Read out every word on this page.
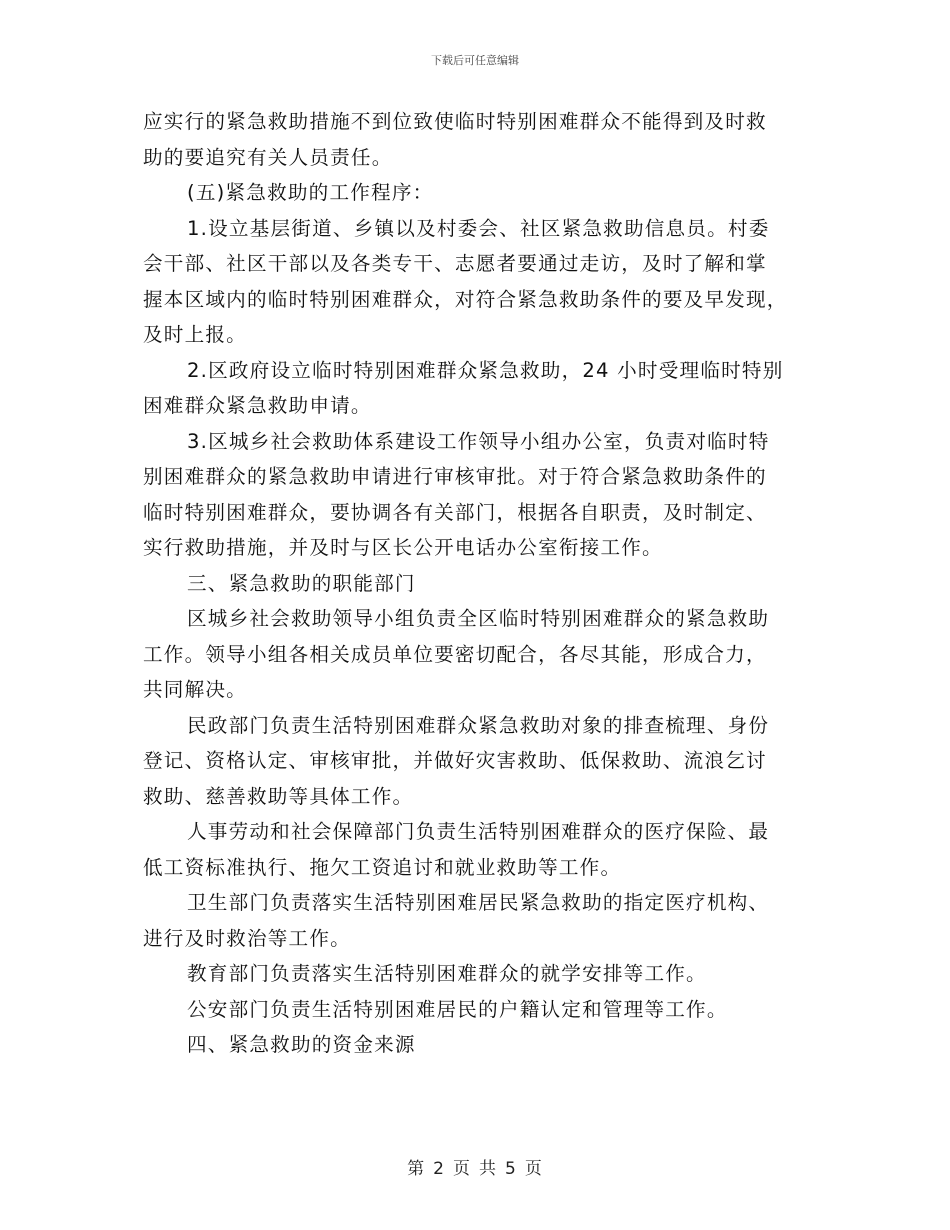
下载后可任意编辑
应实行的紧急救助措施不到位致使临时特别困难群众不能得到及时救
助的要追究有关人员责任。
(五)紧急救助的工作程序：
1.设立基层街道、乡镇以及村委会、社区紧急救助信息员。村委
会干部、社区干部以及各类专干、志愿者要通过走访，及时了解和掌
握本区域内的临时特别困难群众，对符合紧急救助条件的要及早发现，
及时上报。
2.区政府设立临时特别困难群众紧急救助，24 小时受理临时特别
困难群众紧急救助申请。
3.区城乡社会救助体系建设工作领导小组办公室，负责对临时特
别困难群众的紧急救助申请进行审核审批。对于符合紧急救助条件的
临时特别困难群众，要协调各有关部门，根据各自职责，及时制定、
实行救助措施，并及时与区长公开电话办公室衔接工作。
三、紧急救助的职能部门
区城乡社会救助领导小组负责全区临时特别困难群众的紧急救助
工作。领导小组各相关成员单位要密切配合，各尽其能，形成合力，
共同解决。
民政部门负责生活特别困难群众紧急救助对象的排查梳理、身份
登记、资格认定、审核审批，并做好灾害救助、低保救助、流浪乞讨
救助、慈善救助等具体工作。
人事劳动和社会保障部门负责生活特别困难群众的医疗保险、最
低工资标准执行、拖欠工资追讨和就业救助等工作。
卫生部门负责落实生活特别困难居民紧急救助的指定医疗机构、
进行及时救治等工作。
教育部门负责落实生活特别困难群众的就学安排等工作。
公安部门负责生活特别困难居民的户籍认定和管理等工作。
四、紧急救助的资金来源
第 2 页 共 5 页
